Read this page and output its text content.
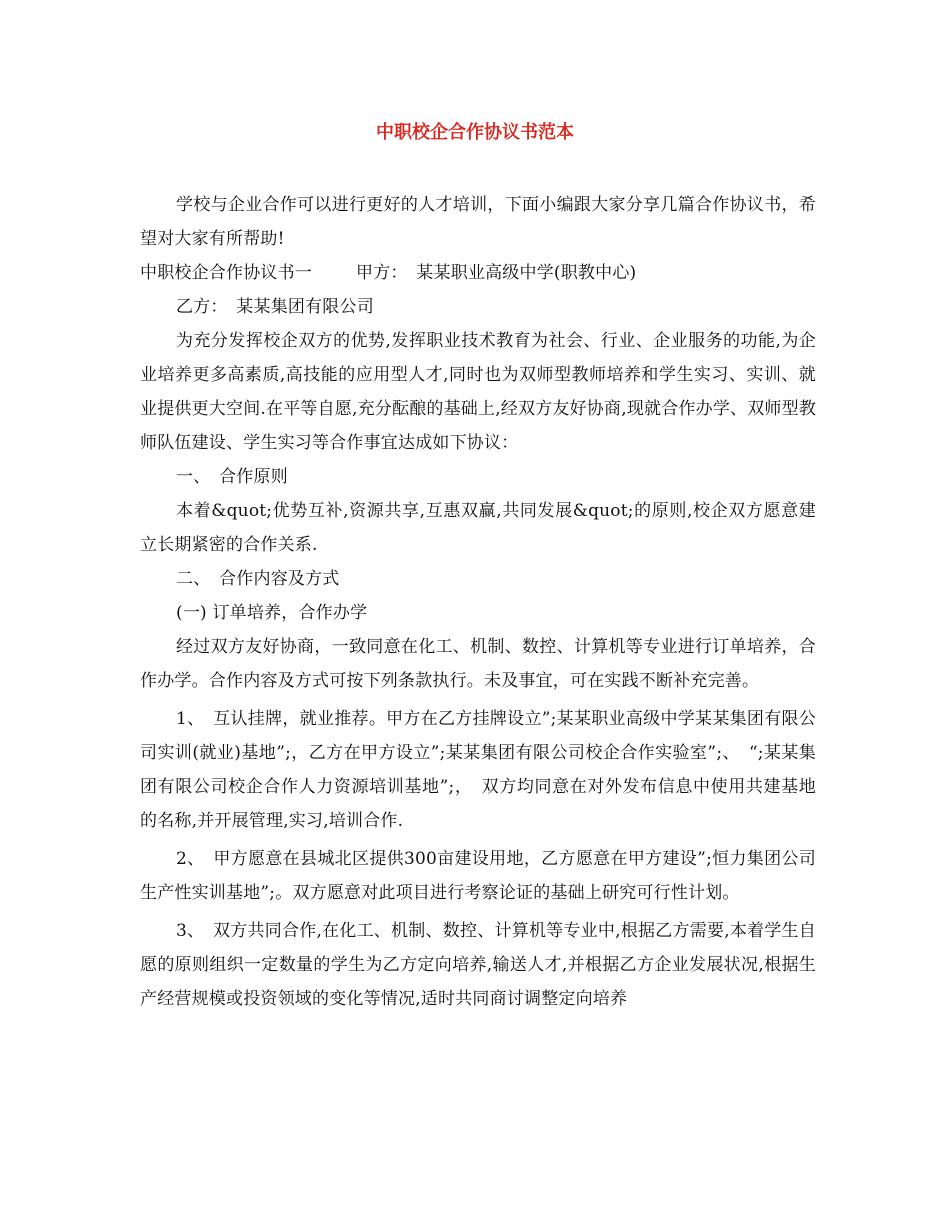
中职校企合作协议书范本

学校与企业合作可以进行更好的人才培训，下面小编跟大家分享几篇合作协议书，希望对大家有所帮助!

中职校企合作协议书一	甲方：　某某职业高级中学(职教中心)

乙方：　某某集团有限公司

为充分发挥校企双方的优势,发挥职业技术教育为社会、行业、企业服务的功能,为企业培养更多高素质,高技能的应用型人才,同时也为双师型教师培养和学生实习、实训、就业提供更大空间.在平等自愿,充分酝酿的基础上,经双方友好协商,现就合作办学、双师型教师队伍建设、学生实习等合作事宜达成如下协议：

一、　合作原则

本着&quot;优势互补,资源共享,互惠双赢,共同发展&quot;的原则,校企双方愿意建立长期紧密的合作关系.

二、　合作内容及方式

(一) 订单培养，合作办学

经过双方友好协商，一致同意在化工、机制、数控、计算机等专业进行订单培养，合作办学。合作内容及方式可按下列条款执行。未及事宜，可在实践不断补充完善。

1、　互认挂牌，就业推荐。甲方在乙方挂牌设立”;某某职业高级中学某某集团有限公司实训(就业)基地”;，乙方在甲方设立”;某某集团有限公司校企合作实验室”;、　“;某某集团有限公司校企合作人力资源培训基地”;，　双方均同意在对外发布信息中使用共建基地的名称,并开展管理,实习,培训合作.

2、　甲方愿意在县城北区提供300亩建设用地，乙方愿意在甲方建设”;恒力集团公司生产性实训基地”;。双方愿意对此项目进行考察论证的基础上研究可行性计划。

3、　双方共同合作,在化工、机制、数控、计算机等专业中,根据乙方需要,本着学生自愿的原则组织一定数量的学生为乙方定向培养,输送人才,并根据乙方企业发展状况,根据生产经营规模或投资领域的变化等情况,适时共同商讨调整定向培养
